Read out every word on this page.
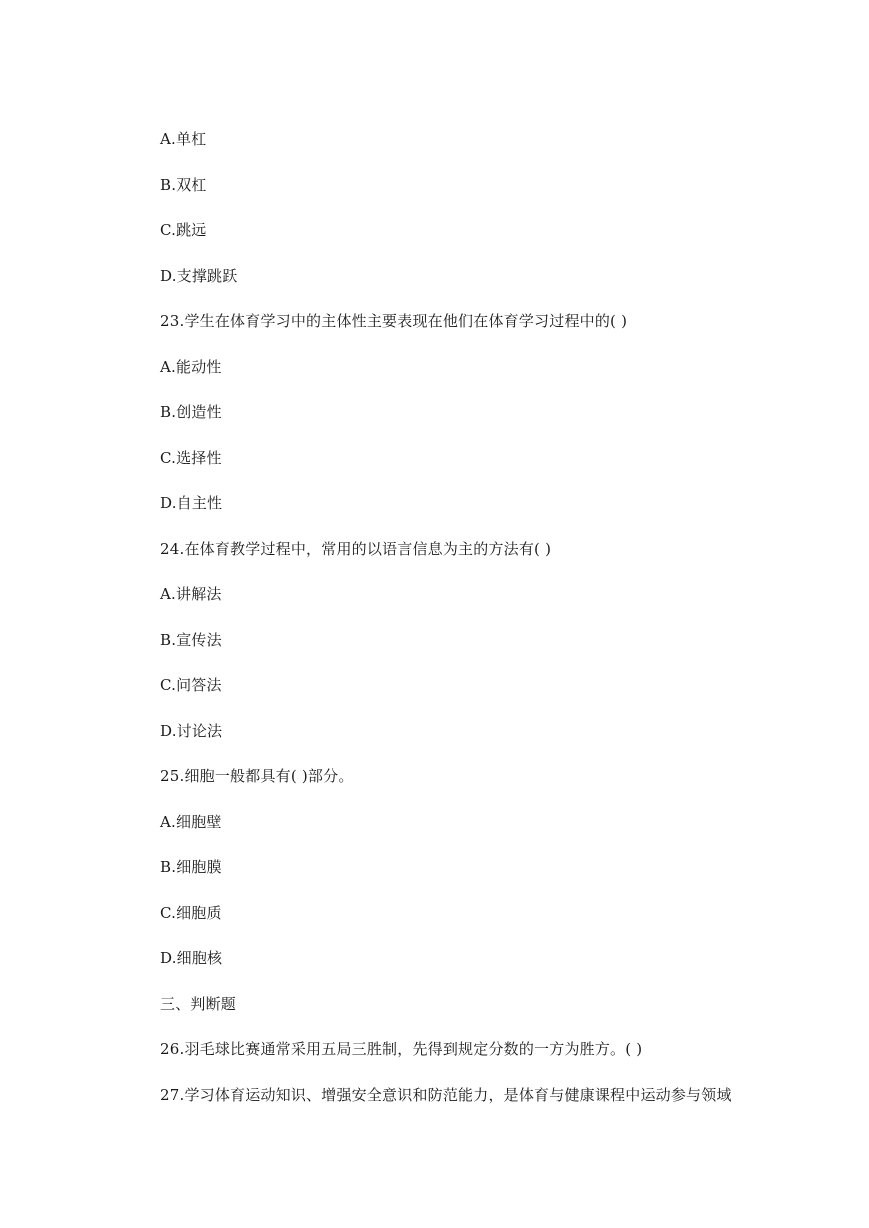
A.单杠
B.双杠
C.跳远
D.支撑跳跃
23.学生在体育学习中的主体性主要表现在他们在体育学习过程中的( )
A.能动性
B.创造性
C.选择性
D.自主性
24.在体育教学过程中，常用的以语言信息为主的方法有( )
A.讲解法
B.宣传法
C.问答法
D.讨论法
25.细胞一般都具有( )部分。
A.细胞壁
B.细胞膜
C.细胞质
D.细胞核
三、判断题
26.羽毛球比赛通常采用五局三胜制，先得到规定分数的一方为胜方。( )
27.学习体育运动知识、增强安全意识和防范能力，是体育与健康课程中运动参与领域
